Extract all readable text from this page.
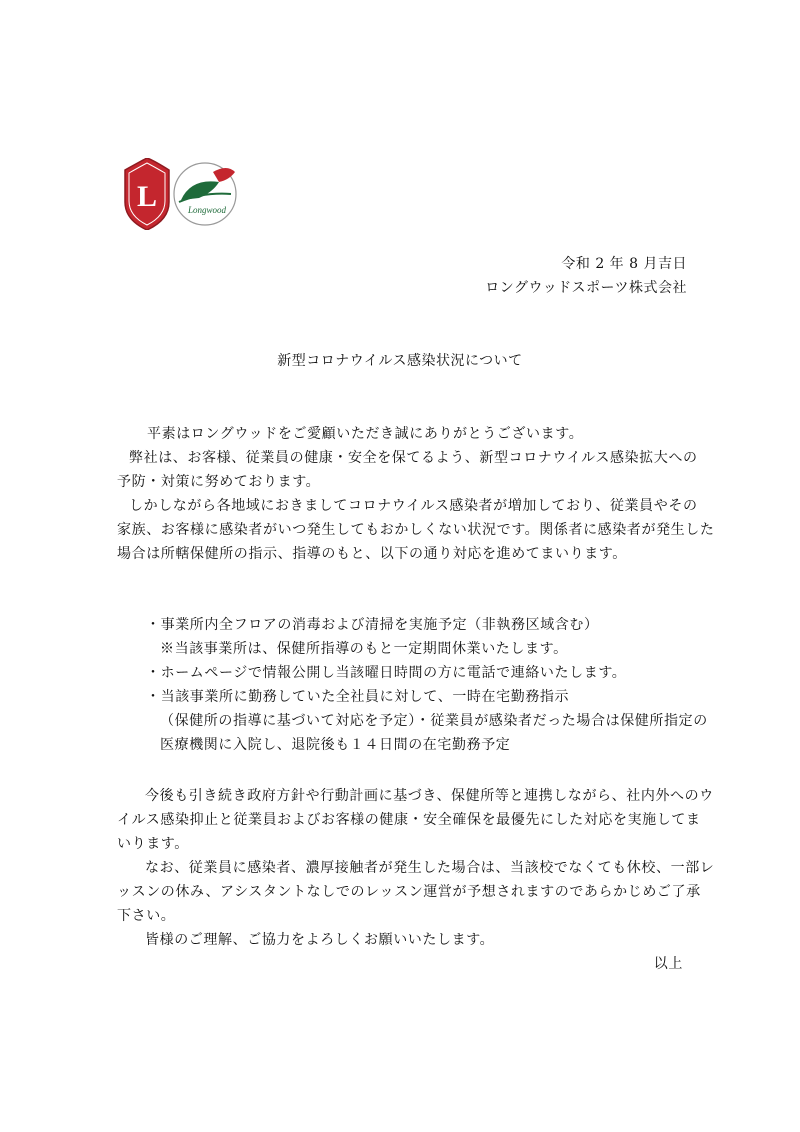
L	Longwood
令和 2 年 8 月吉日
ロングウッドスポーツ株式会社
新型コロナウイルス感染状況について
平素はロングウッドをご愛顧いただき誠にありがとうございます。
弊社は、お客様、従業員の健康・安全を保てるよう、新型コロナウイルス感染拡大への
予防・対策に努めております。
しかしながら各地域におきましてコロナウイルス感染者が増加しており、従業員やその
家族、お客様に感染者がいつ発生してもおかしくない状況です。関係者に感染者が発生した
場合は所轄保健所の指示、指導のもと、以下の通り対応を進めてまいります。
・事業所内全フロアの消毒および清掃を実施予定（非執務区域含む）
※当該事業所は、保健所指導のもと一定期間休業いたします。
・ホームページで情報公開し当該曜日時間の方に電話で連絡いたします。
・当該事業所に勤務していた全社員に対して、一時在宅勤務指示
（保健所の指導に基づいて対応を予定）・従業員が感染者だった場合は保健所指定の
医療機関に入院し、退院後も１４日間の在宅勤務予定
今後も引き続き政府方針や行動計画に基づき、保健所等と連携しながら、社内外へのウ
イルス感染抑止と従業員およびお客様の健康・安全確保を最優先にした対応を実施してま
いります。
なお、従業員に感染者、濃厚接触者が発生した場合は、当該校でなくても休校、一部レ
ッスンの休み、アシスタントなしでのレッスン運営が予想されますのであらかじめご了承
下さい。
皆様のご理解、ご協力をよろしくお願いいたします。
以上
